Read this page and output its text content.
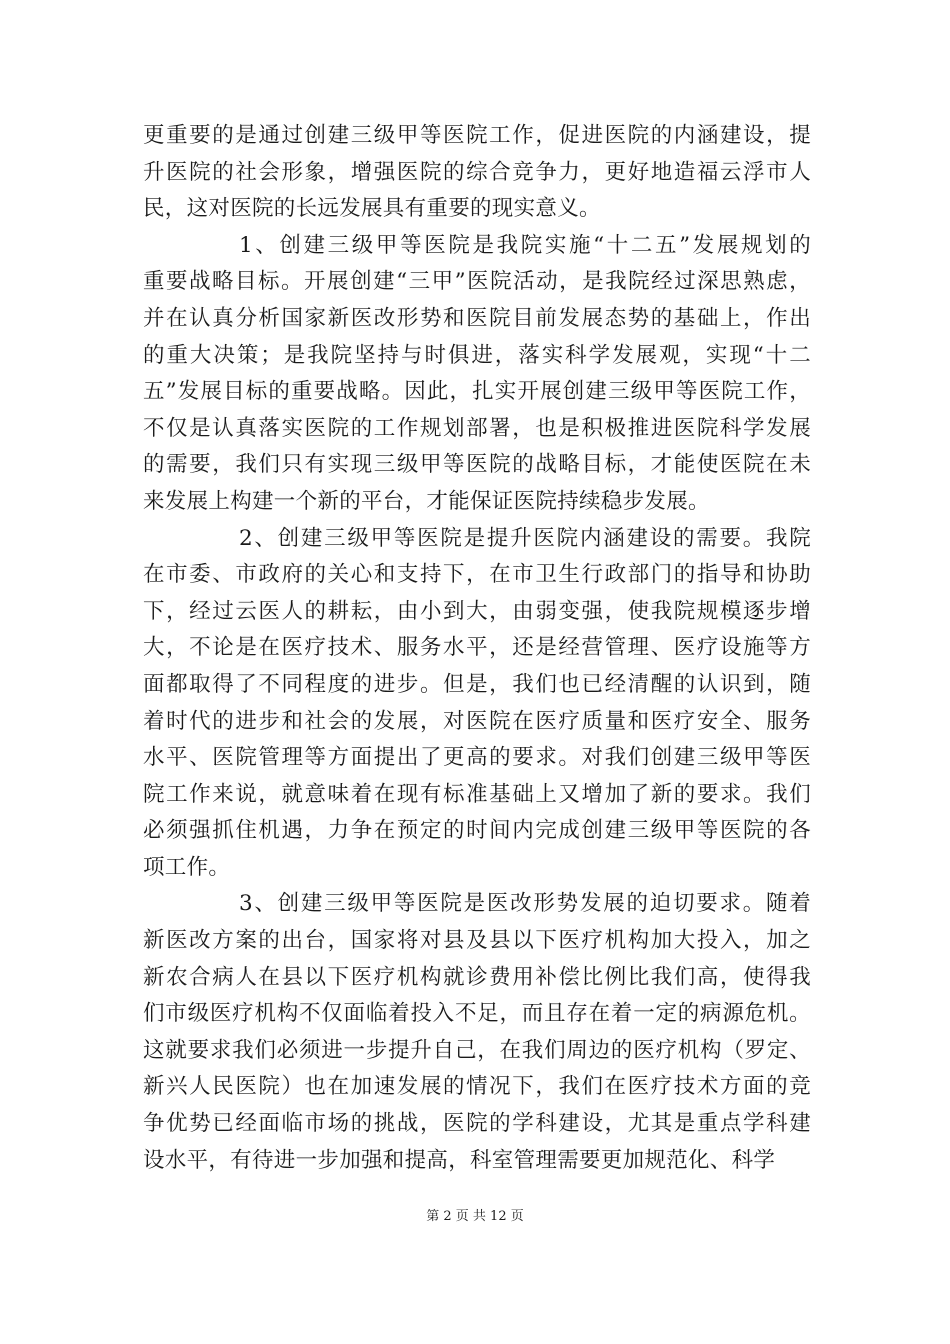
更重要的是通过创建三级甲等医院工作，促进医院的内涵建设，提
升医院的社会形象，增强医院的综合竞争力，更好地造福云浮市人
民，这对医院的长远发展具有重要的现实意义。
1、创建三级甲等医院是我院实施“十二五”发展规划的
重要战略目标。开展创建“三甲”医院活动，是我院经过深思熟虑，
并在认真分析国家新医改形势和医院目前发展态势的基础上，作出
的重大决策；是我院坚持与时俱进，落实科学发展观，实现“十二
五”发展目标的重要战略。因此，扎实开展创建三级甲等医院工作，
不仅是认真落实医院的工作规划部署，也是积极推进医院科学发展
的需要，我们只有实现三级甲等医院的战略目标，才能使医院在未
来发展上构建一个新的平台，才能保证医院持续稳步发展。
2、创建三级甲等医院是提升医院内涵建设的需要。我院
在市委、市政府的关心和支持下，在市卫生行政部门的指导和协助
下，经过云医人的耕耘，由小到大，由弱变强，使我院规模逐步增
大，不论是在医疗技术、服务水平，还是经营管理、医疗设施等方
面都取得了不同程度的进步。但是，我们也已经清醒的认识到，随
着时代的进步和社会的发展，对医院在医疗质量和医疗安全、服务
水平、医院管理等方面提出了更高的要求。对我们创建三级甲等医
院工作来说，就意味着在现有标准基础上又增加了新的要求。我们
必须强抓住机遇，力争在预定的时间内完成创建三级甲等医院的各
项工作。
3、创建三级甲等医院是医改形势发展的迫切要求。随着
新医改方案的出台，国家将对县及县以下医疗机构加大投入，加之
新农合病人在县以下医疗机构就诊费用补偿比例比我们高，使得我
们市级医疗机构不仅面临着投入不足，而且存在着一定的病源危机。
这就要求我们必须进一步提升自己，在我们周边的医疗机构（罗定、
新兴人民医院）也在加速发展的情况下，我们在医疗技术方面的竞
争优势已经面临市场的挑战，医院的学科建设，尤其是重点学科建
设水平，有待进一步加强和提高，科室管理需要更加规范化、科学
第 2 页 共 12 页
